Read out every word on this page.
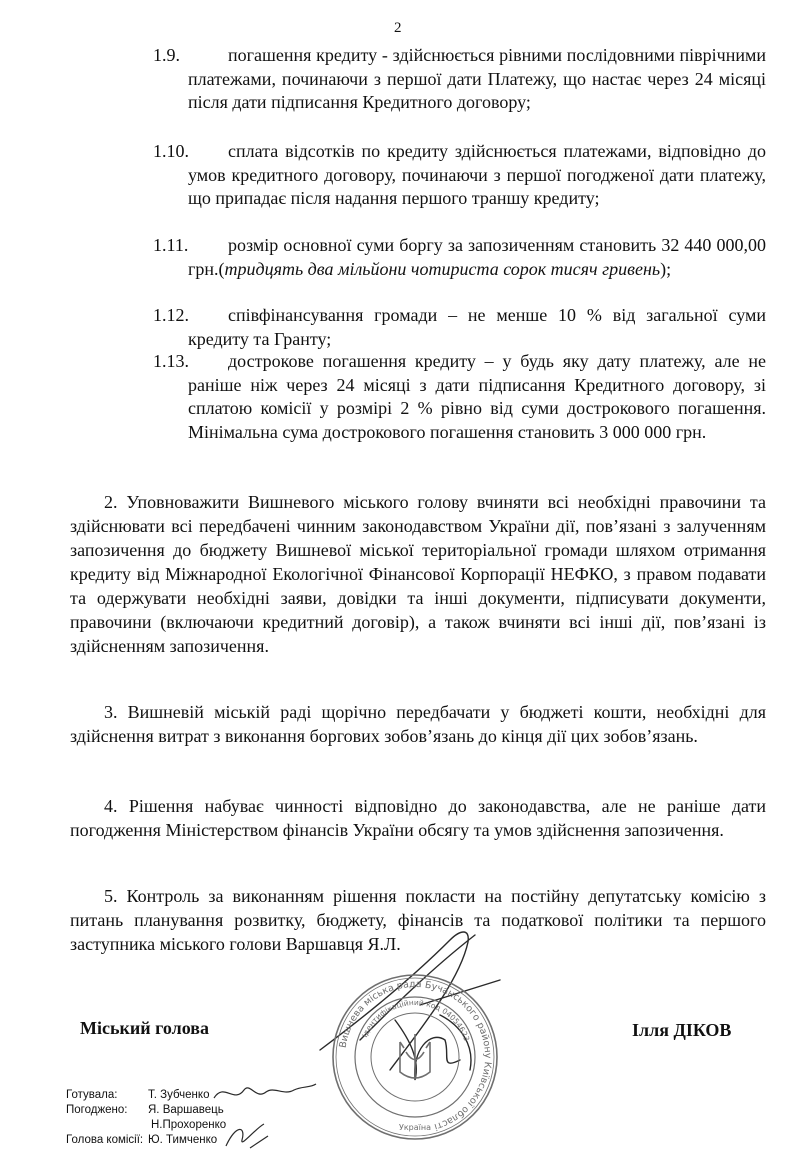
2
1.9.	погашення кредиту - здійснюється рівними послідовними піврічними платежами, починаючи з першої дати Платежу, що настає через 24 місяці після дати підписання Кредитного договору;
1.10.	сплата відсотків по кредиту здійснюється платежами, відповідно до умов кредитного договору, починаючи з першої погодженої дати платежу, що припадає після надання першого траншу кредиту;
1.11.	розмір основної суми боргу за запозиченням становить 32 440 000,00 грн.(тридцять два мільйони чотириста сорок тисяч гривень);
1.12.	співфінансування громади – не менше 10 % від загальної суми кредиту та Гранту;
1.13.	дострокове погашення кредиту – у будь яку дату платежу, але не раніше ніж через 24 місяці з дати підписання Кредитного договору, зі сплатою комісії у розмірі 2 % рівно від суми дострокового погашення. Мінімальна сума дострокового погашення становить 3 000 000 грн.
2. Уповноважити Вишневого міського голову вчиняти всі необхідні правочини та здійснювати всі передбачені чинним законодавством України дії, пов’язані з залученням запозичення до бюджету Вишневої міської територіальної громади шляхом отримання кредиту від Міжнародної Екологічної Фінансової Корпорації НЕФКО, з правом подавати та одержувати необхідні заяви, довідки та інші документи, підписувати документи, правочини (включаючи кредитний договір), а також вчиняти всі інші дії, пов’язані із здійсненням запозичення.
3. Вишневій міській раді щорічно передбачати у бюджеті кошти, необхідні для здійснення витрат з виконання боргових зобов’язань до кінця дії цих зобов’язань.
4. Рішення набуває чинності відповідно до законодавства, але не раніше дати погодження Міністерством фінансів України обсягу та умов здійснення запозичення.
5. Контроль за виконанням рішення покласти на постійну депутатську комісію з питань планування розвитку, бюджету, фінансів та податкової політики та першого заступника міського голови Варшавця Я.Л.
Міський голова	Ілля ДІКОВ
Вишнева міська рада Бучанського району Київської області
Ідентифікаційний код 04054623
Україна
Готувала:	Т. Зубченко
Погоджено: Я. Варшавець
Н.Прохоренко
Голова комісії: Ю. Тимченко
